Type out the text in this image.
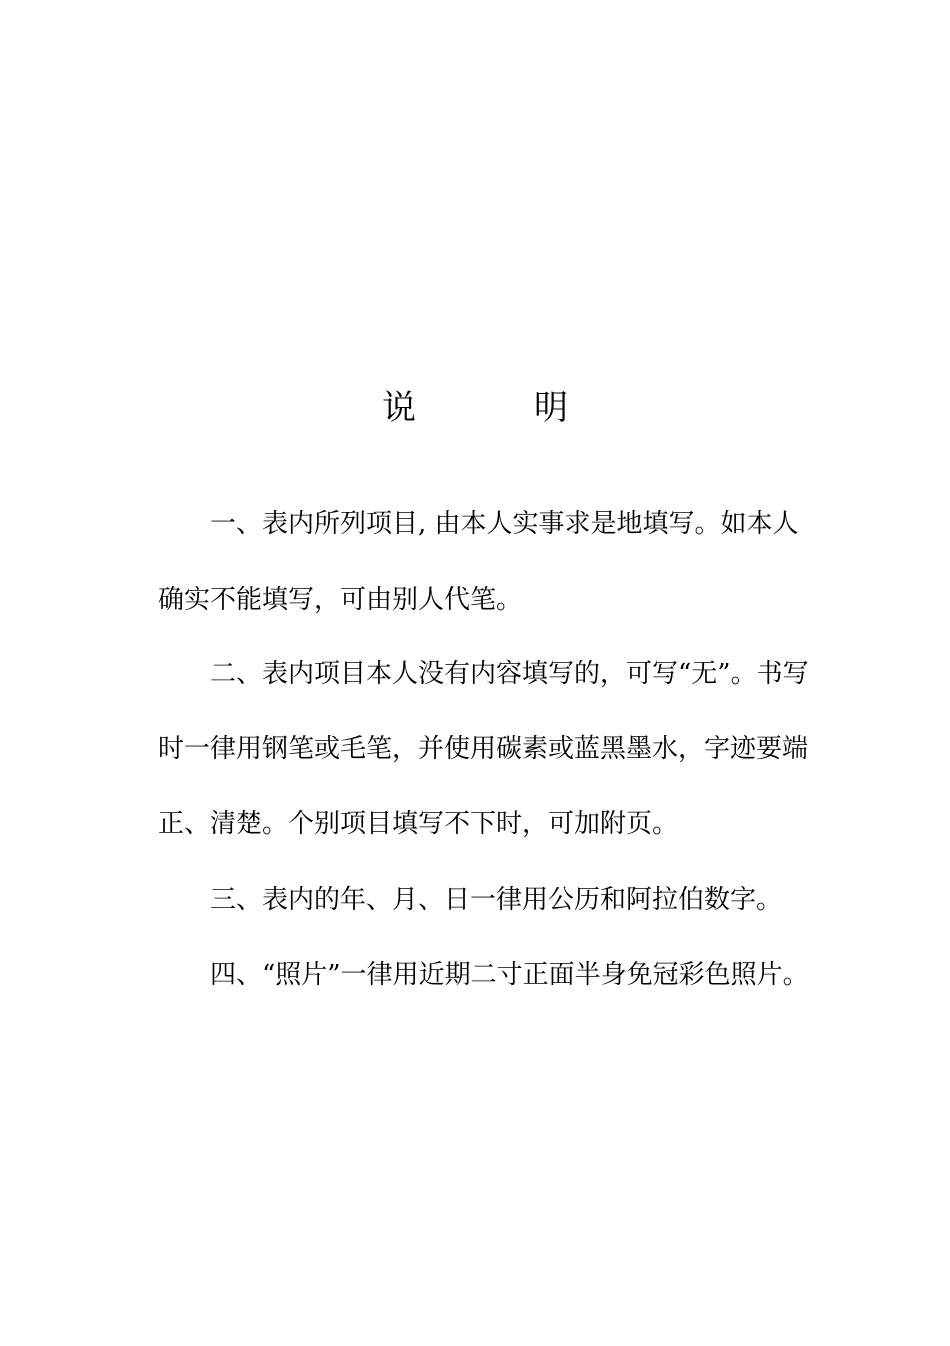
说	明
一、表内所列项目, 由本人实事求是地填写。如本人
确实不能填写，可由别人代笔。
二、表内项目本人没有内容填写的，可写“无”。书写
时一律用钢笔或毛笔，并使用碳素或蓝黑墨水，字迹要端
正、清楚。个别项目填写不下时，可加附页。
三、表内的年、月、日一律用公历和阿拉伯数字。
四、“照片”一律用近期二寸正面半身免冠彩色照片。
